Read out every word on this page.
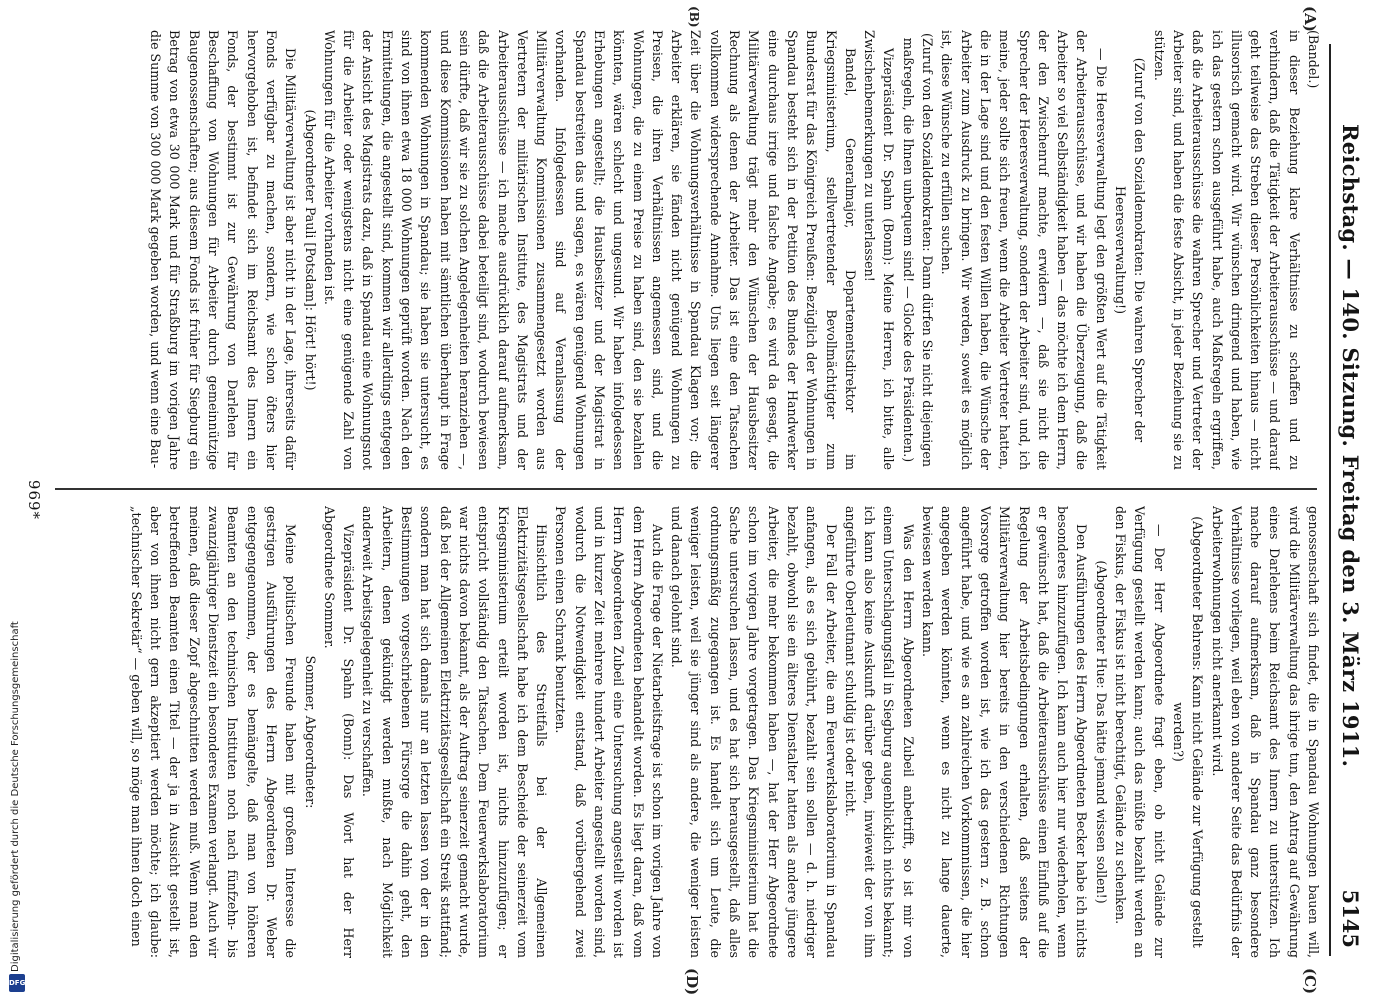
Reichstag. — 140. Sitzung. Freitag den 3. März 1911.
5145
(A)
(B)
(C)
(D)

(Bandel.)

in dieser Beziehung klare Verhältnisse zu schaffen und zu verhindern, daß die Tätigkeit der Arbeiterausschüsse — und darauf geht teilweise das Streben dieser Persönlichkeiten hinaus — nicht illusorisch gemacht wird. Wir wünschen dringend und haben, wie ich das gestern schon ausgeführt habe, auch Maßregeln ergriffen, daß die Arbeiterausschüsse die wahren Sprecher und Vertreter der Arbeiter sind, und haben die feste Absicht, in jeder Beziehung sie zu stützen.

(Zuruf von den Sozialdemokraten: Die wahren Sprecher der Heeresverwaltung!)

— Die Heeresverwaltung legt den größten Wert auf die Tätigkeit der Arbeiterausschüsse, und wir haben die Überzeugung, daß die Arbeiter so viel Selbständigkeit haben — das möchte ich dem Herrn, der den Zwischenruf machte, erwidern —, daß sie nicht die Sprecher der Heeresverwaltung, sondern der Arbeiter sind, und, ich meine, jeder sollte sich freuen, wenn die Arbeiter Vertreter hatten, die in der Lage sind und den festen Willen haben, die Wünsche der Arbeiter zum Ausdruck zu bringen. Wir werden, soweit es möglich ist, diese Wünsche zu erfüllen suchen.

(Zuruf von den Sozialdemokraten: Dann dürfen Sie nicht diejenigen maßregeln, die Ihnen unbequem sind! — Glocke des Präsidenten.)

Vizepräsident Dr. Spahn (Bonn): Meine Herren, ich bitte, alle Zwischenbemerkungen zu unterlassen!

Bandel, Generalmajor, Departementsdirektor im Kriegsministerium, stellvertretender Bevollmächtigter zum Bundesrat für das Königreich Preußen: Bezüglich der Wohnungen in Spandau besteht sich in der Petition des Bundes der Handwerker eine durchaus irrige und falsche Angabe; es wird da gesagt, die Militärverwaltung trägt mehr den Wünschen der Hausbesitzer Rechnung als denen der Arbeiter. Das ist eine den Tatsachen vollkommen widersprechende Annahme. Uns liegen seit längerer Zeit über die Wohnungsverhältnisse in Spandau Klagen vor; die Arbeiter erklären, sie fänden nicht genügend Wohnungen zu Preisen, die ihren Verhältnissen angemessen sind, und die Wohnungen, die zu einem Preise zu haben sind, den sie bezahlen könnten, wären schlecht und ungesund. Wir haben infolgedessen Erhebungen angestellt; die Hausbesitzer und der Magistrat in Spandau bestreiten das und sagen, es wären genügend Wohnungen vorhanden. Infolgedessen sind auf Veranlassung der Militärverwaltung Kommissionen zusammengesetzt worden aus Vertretern der militärischen Institute, des Magistrats und der Arbeiterausschüsse — ich mache ausdrücklich darauf aufmerksam, daß die Arbeiterausschüsse dabei beteiligt sind, wodurch bewiesen sein dürfte, daß wir sie zu solchen Angelegenheiten heranziehen —, und diese Kommissionen haben mit sämtlichen überhaupt in Frage kommenden Wohnungen in Spandau; sie haben sie untersucht, es sind von ihnen etwa 18 000 Wohnungen geprüft worden. Nach den Ermittelungen, die angestellt sind, kommen wir allerdings entgegen der Ansicht des Magistrats dazu, daß in Spandau eine Wohnungsnot für die Arbeiter oder wenigstens nicht eine genügende Zahl von Wohnungen für die Arbeiter vorhanden ist.

(Abgeordneter Pauli [Potsdam]: Hört! hört!)

Die Militärverwaltung ist aber nicht in der Lage, ihrerseits dafür Fonds verfügbar zu machen, sondern, wie schon öfters hier hervorgehoben ist, befindet sich im Reichsamt des Innern ein Fonds, der bestimmt ist zur Gewährung von Darlehen für Beschaffung von Wohnungen für Arbeiter durch gemeinnützige Baugenossenschaften; aus diesem Fonds ist früher für Siegburg ein Betrag von etwa 30 000 Mark und für Straßburg im vorigen Jahre die Summe von 300 000 Mark gegeben worden, und wenn eine Bau-

genossenschaft sich findet, die in Spandau Wohnungen bauen will, wird die Militärverwaltung das ihrige tun, den Antrag auf Gewährung eines Darlehens beim Reichsamt des Innern zu unterstützen. Ich mache darauf aufmerksam, daß in Spandau ganz besondere Verhältnisse vorliegen, weil eben von anderer Seite das Bedürfnis der Arbeiterwohnungen nicht anerkannt wird.

(Abgeordneter Behrens: Kann nicht Gelände zur Verfügung gestellt werden?)

— Der Herr Abgeordnete fragt eben, ob nicht Gelände zur Verfügung gestellt werden kann; auch das müßte bezahlt werden an den Fiskus, der Fiskus ist nicht berechtigt, Gelände zu schenken.

(Abgeordneter Hue: Das hätte jemand wissen sollen!)

Den Ausführungen des Herrn Abgeordneten Becker habe ich nichts besonderes hinzuzufügen. Ich kann auch hier nur wiederholen, wenn er gewünscht hat, daß die Arbeiterausschüsse einen Einfluß auf die Regelung der Arbeitsbedingungen erhalten, daß seitens der Militärverwaltung hier bereits in den verschiedenen Richtungen Vorsorge getroffen worden ist, wie ich das gestern z. B. schon angeführt habe, und wie es an zahlreichen Vorkommnissen, die hier angegeben werden könnten, wenn es nicht zu lange dauerte, bewiesen werden kann.

Was den Herrn Abgeordneten Zubeil anbetrifft, so ist mir von einem Unterschlagungsfall in Siegburg augenblicklich nichts bekannt; ich kann also keine Auskunft darüber geben, inwieweit der von ihm angeführte Oberleutnant schuldig ist oder nicht.

Der Fall der Arbeiter, die am Feuerwerkslaboratorium in Spandau anfangen, als es sich gebührt, bezahlt sein sollen — d. h. niedriger bezahlt, obwohl sie ein älteres Dienstalter hatten als andere jüngere Arbeiter, die mehr bekommen haben —, hat der Herr Abgeordnete schon im vorigen Jahre vorgetragen. Das Kriegsministerium hat die Sache untersuchen lassen, und es hat sich herausgestellt, daß alles ordnungsmäßig zugegangen ist. Es handelt sich um Leute, die weniger leisten, weil sie jünger sind als andere, die weniger leisten und danach gelohnt sind.

Auch die Frage der Nietarbeitsfrage ist schon im vorigen Jahre von dem Herrn Abgeordneten behandelt worden. Es liegt daran, daß vom Herrn Abgeordneten Zubeil eine Untersuchung angestellt worden ist und in kurzer Zeit mehrere hundert Arbeiter angestellt worden sind, wodurch die Notwendigkeit entstand, daß vorübergehend zwei Personen einen Schrank benutzten.

Hinsichtlich des Streitfalls bei der Allgemeinen Elektrizitätsgesellschaft habe ich dem Bescheide der seinerzeit vom Kriegsministerium erteilt worden ist, nichts hinzuzufügen; er entspricht vollständig den Tatsachen. Dem Feuerwerkslaboratorium war nichts davon bekannt, als der Auftrag seinerzeit gemacht wurde, daß bei der Allgemeinen Elektrizitätsgesellschaft ein Streik stattfand; sondern man hat sich damals nur an letzten lassen von der in den Bestimmungen vorgeschriebenen Fürsorge die dahin geht, den Arbeitern, denen gekündigt werden mußte, nach Möglichkeit anderweit Arbeitsgelegenheit zu verschaffen.

Vizepräsident Dr. Spahn (Bonn): Das Wort hat der Herr Abgeordnete Sommer.

Sommer, Abgeordneter:

Meine politischen Freunde haben mit großem Interesse die gestrigen Ausführungen des Herrn Abgeordneten Dr. Weber entgegengenommen, der es bemängelte, daß man von höheren Beamten an den technischen Instituten noch nach fünfzehn- bis zwanzigjähriger Dienstzeit ein besonderes Examen verlangt. Auch wir meinen, daß dieser Zopf abgeschnitten werden muß. Wenn man den betreffenden Beamten einen Titel — der ja in Aussicht gestellt ist, aber von ihnen nicht gern akzeptiert werden möchte; ich glaube: „technischer Sekretär“ — geben will, so möge man ihnen doch einen

969*
Digitalisierung gefördert durch die Deutsche Forschungsgemeinschaft
DFG
